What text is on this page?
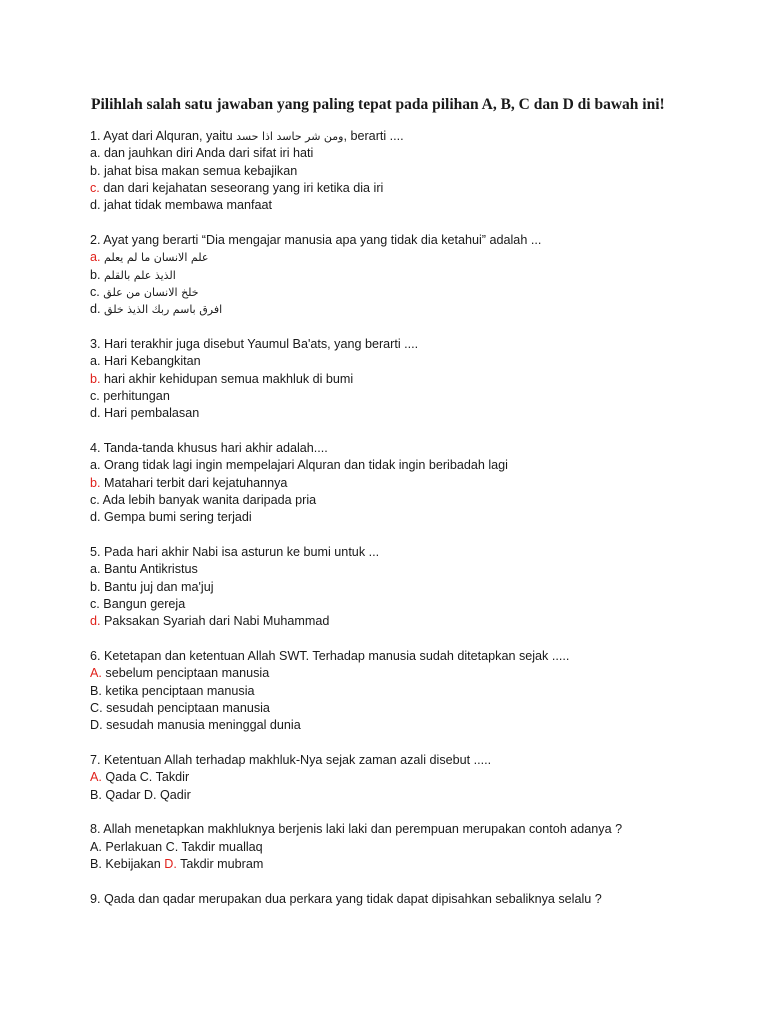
Pilihlah salah satu jawaban yang paling tepat pada pilihan A, B, C dan D di bawah ini!
1. Ayat dari Alquran, yaitu ومن شر حاسد اذا حسد, berarti ....
a. dan jauhkan diri Anda dari sifat iri hati
b. jahat bisa makan semua kebajikan
c. dan dari kejahatan seseorang yang iri ketika dia iri
d. jahat tidak membawa manfaat
2. Ayat yang berarti “Dia mengajar manusia apa yang tidak dia ketahui” adalah ...
a. علم الانسان ما لم يعلم
b. الذيذ علم بالقلم
c. خلخ الانسان من علق
d. افرق باسم ربك الذيذ خلق
3. Hari terakhir juga disebut Yaumul Ba'ats, yang berarti ....
a. Hari Kebangkitan
b. hari akhir kehidupan semua makhluk di bumi
c. perhitungan
d. Hari pembalasan
4. Tanda-tanda khusus hari akhir adalah....
a. Orang tidak lagi ingin mempelajari Alquran dan tidak ingin beribadah lagi
b. Matahari terbit dari kejatuhannya
c. Ada lebih banyak wanita daripada pria
d. Gempa bumi sering terjadi
5. Pada hari akhir Nabi isa asturun ke bumi untuk ...
a. Bantu Antikristus
b. Bantu juj dan ma'juj
c. Bangun gereja
d. Paksakan Syariah dari Nabi Muhammad
6. Ketetapan dan ketentuan Allah SWT. Terhadap manusia sudah ditetapkan sejak .....
A. sebelum penciptaan manusia
B. ketika penciptaan manusia
C. sesudah penciptaan manusia
D. sesudah manusia meninggal dunia
7. Ketentuan Allah terhadap makhluk-Nya sejak zaman azali disebut .....
A. Qada C. Takdir
B. Qadar D. Qadir
8. Allah menetapkan makhluknya berjenis laki laki dan perempuan merupakan contoh adanya ?
A. Perlakuan C. Takdir muallaq
B. Kebijakan D. Takdir mubram
9. Qada dan qadar merupakan dua perkara yang tidak dapat dipisahkan sebaliknya selalu ?
